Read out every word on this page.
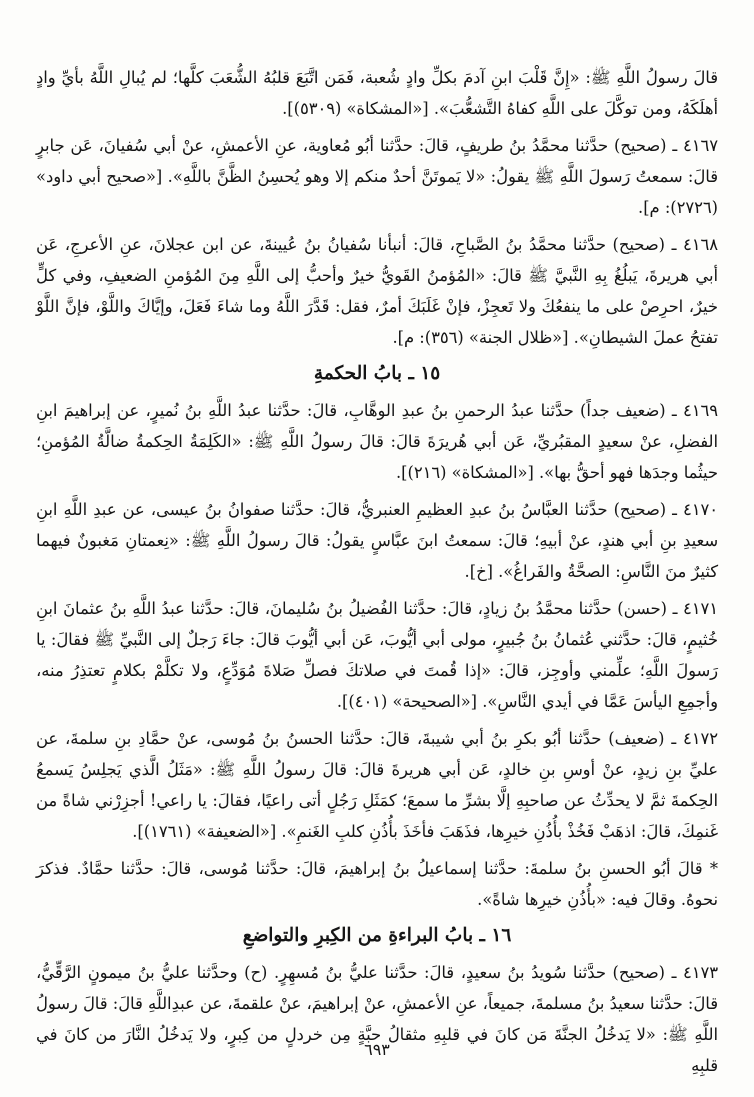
قالَ رسولُ اللَّهِ ﷺ: «إِنَّ قَلْبَ ابنِ آدمَ بكلِّ وادٍ شُعبة، فَمَن اتَّبَعَ قلبُهُ الشُّعَبَ كلَّها؛ لم يُبالِ اللَّهُ بأيِّ وادٍ أهلَكَهُ، ومن توكَّلَ على اللَّهِ كفاهُ التَّشعُّبَ». [«المشكاة» (٥٣٠٩)].

٤١٦٧ ـ (صحيح) حدَّثنا محمَّدُ بنُ طريفٍ، قالَ: حدَّثنا أبُو مُعاوية، عنِ الأعمشِ، عنْ أبي سُفيانَ، عَن جابرٍ قالَ: سمعتُ رَسولَ اللَّهِ ﷺ يقولُ: «لا يَموتَنَّ أحدٌ منكم إلا وهو يُحسِنُ الظَّنَّ باللَّهِ». [«صحيح أبي داود» (٢٧٢٦): م].

٤١٦٨ ـ (صحيح) حدَّثنا محمَّدُ بنُ الصَّباحِ، قالَ: أنبأنا سُفيانُ بنُ عُيينةَ، عن ابن عجلانَ، عنِ الأعرجِ، عَن أبي هريرةَ، يَبلُغُ بِهِ النَّبيَّ ﷺ قالَ: «المُؤمنُ القَويُّ خيرٌ وأحبُّ إلى اللَّهِ مِنَ المُؤمنِ الضعيفِ، وفي كلٍّ خيرٌ، احرِصْ على ما ينفعُكَ ولا تَعجِزْ، فإنْ غَلَبَكَ أمرٌ، فقل: قَدَّرَ اللَّهُ وما شاءَ فَعَلَ، وإيَّاكَ واللَّوْ، فإنَّ اللَّوْ تفتحُ عملَ الشيطانِ». [«ظلال الجنة» (٣٥٦): م].

١٥ ـ بابُ الحكمةِ

٤١٦٩ ـ (ضعيف جداً) حدَّثنا عبدُ الرحمنِ بنُ عبدِ الوهَّابِ، قالَ: حدَّثنا عبدُ اللَّهِ بنُ نُميرٍ، عن إبراهيمَ ابنِ الفضلِ، عنْ سعيدٍ المقبُريِّ، عَن أبي هُريرَةَ قالَ: قالَ رسولُ اللَّهِ ﷺ: «الكَلِمَةُ الحِكمةُ ضالَّةُ المُؤمنِ؛ حيثُما وجدَها فهو أحقُّ بها». [«المشكاة» (٢١٦)].

٤١٧٠ ـ (صحيح) حدَّثنا العبَّاسُ بنُ عبدِ العظيمِ العنبريُّ، قالَ: حدَّثنا صفوانُ بنُ عيسى، عن عبدِ اللَّهِ ابنِ سعيدِ بنِ أبي هندٍ، عنْ أبيهِ؛ قالَ: سمعتُ ابنَ عبَّاسٍ يقولُ: قالَ رسولُ اللَّهِ ﷺ: «نِعمتانِ مَغبونٌ فيهما كثيرٌ منَ النَّاسِ: الصحَّةُ والفَراغُ». [خ].

٤١٧١ ـ (حسن) حدَّثنا محمَّدُ بنُ زيادٍ، قالَ: حدَّثنا الفُضيلُ بنُ سُليمانَ، قالَ: حدَّثنا عبدُ اللَّهِ بنُ عثمانَ ابنِ خُثيمٍ، قالَ: حدَّثني عُثمانُ بنُ جُبيرٍ، مولى أبي أيُّوبَ، عَن أبي أيُّوبَ قالَ: جاءَ رَجلٌ إلى النَّبيِّ ﷺ فقالَ: يا رَسولَ اللَّهِ؛ علِّمني وأوجِز، قالَ: «إذا قُمتَ في صلاتكَ فصلِّ صَلاةَ مُوَدِّعٍ، ولا تكلَّمْ بكلامٍ تعتذِرُ منه، وأجمِعِ اليأسَ عَمَّا في أيدي النَّاسِ». [«الصحيحة» (٤٠١)].

٤١٧٢ ـ (ضعيف) حدَّثنا أبُو بكرِ بنُ أبي شيبةَ، قالَ: حدَّثنا الحسنُ بنُ مُوسى، عنْ حمَّادِ بنِ سلمةَ، عن عليِّ بنِ زيدٍ، عنْ أوسِ بنِ خالدٍ، عَن أبي هريرةَ قالَ: قالَ رسولُ اللَّهِ ﷺ: «مَثَلُ الَّذي يَجلِسُ يَسمعُ الحِكمةَ ثمَّ لا يحدِّثُ عن صاحبِهِ إلَّا بشرِّ ما سمعَ؛ كمَثَلِ رَجُلٍ أتى راعيًا، فقالَ: يا راعي! أجزِرْني شاةً من غَنمِكَ، قالَ: اذهَبْ فَخُذْ بأُذُنِ خيرِها، فذَهَبَ فأخَذَ بأُذُنِ كلبِ الغَنمِ». [«الضعيفة» (١٧٦١)].

* قالَ أبُو الحسنِ بنُ سلمةَ: حدَّثنا إسماعيلُ بنُ إبراهيمَ، قالَ: حدَّثنا مُوسى، قالَ: حدَّثنا حمَّادٌ. فذكرَ نحوهُ. وقالَ فيه: «بأُذُنِ خيرِها شاةً».

١٦ ـ بابُ البراءةِ من الكِبرِ والتواضعِ

٤١٧٣ ـ (صحيح) حدَّثنا سُويدُ بنُ سعيدٍ، قالَ: حدَّثنا عليُّ بنُ مُسهِرٍ. (ح) وحدَّثنا عليُّ بنُ ميمونٍ الرَّقِّيُّ، قالَ: حدَّثنا سعيدُ بنُ مسلمةَ، جميعاً، عنِ الأعمشِ، عنْ إبراهيمَ، عنْ علقمةَ، عن عبدِاللَّهِ قالَ: قالَ رسولُ اللَّهِ ﷺ: «لا يَدخُلُ الجنَّةَ مَن كانَ في قلبِهِ مثقالُ حبَّةٍ مِن خردلٍ من كِبرٍ، ولا يَدخُلُ النَّارَ من كانَ في قلبِهِ

٦٩٣
